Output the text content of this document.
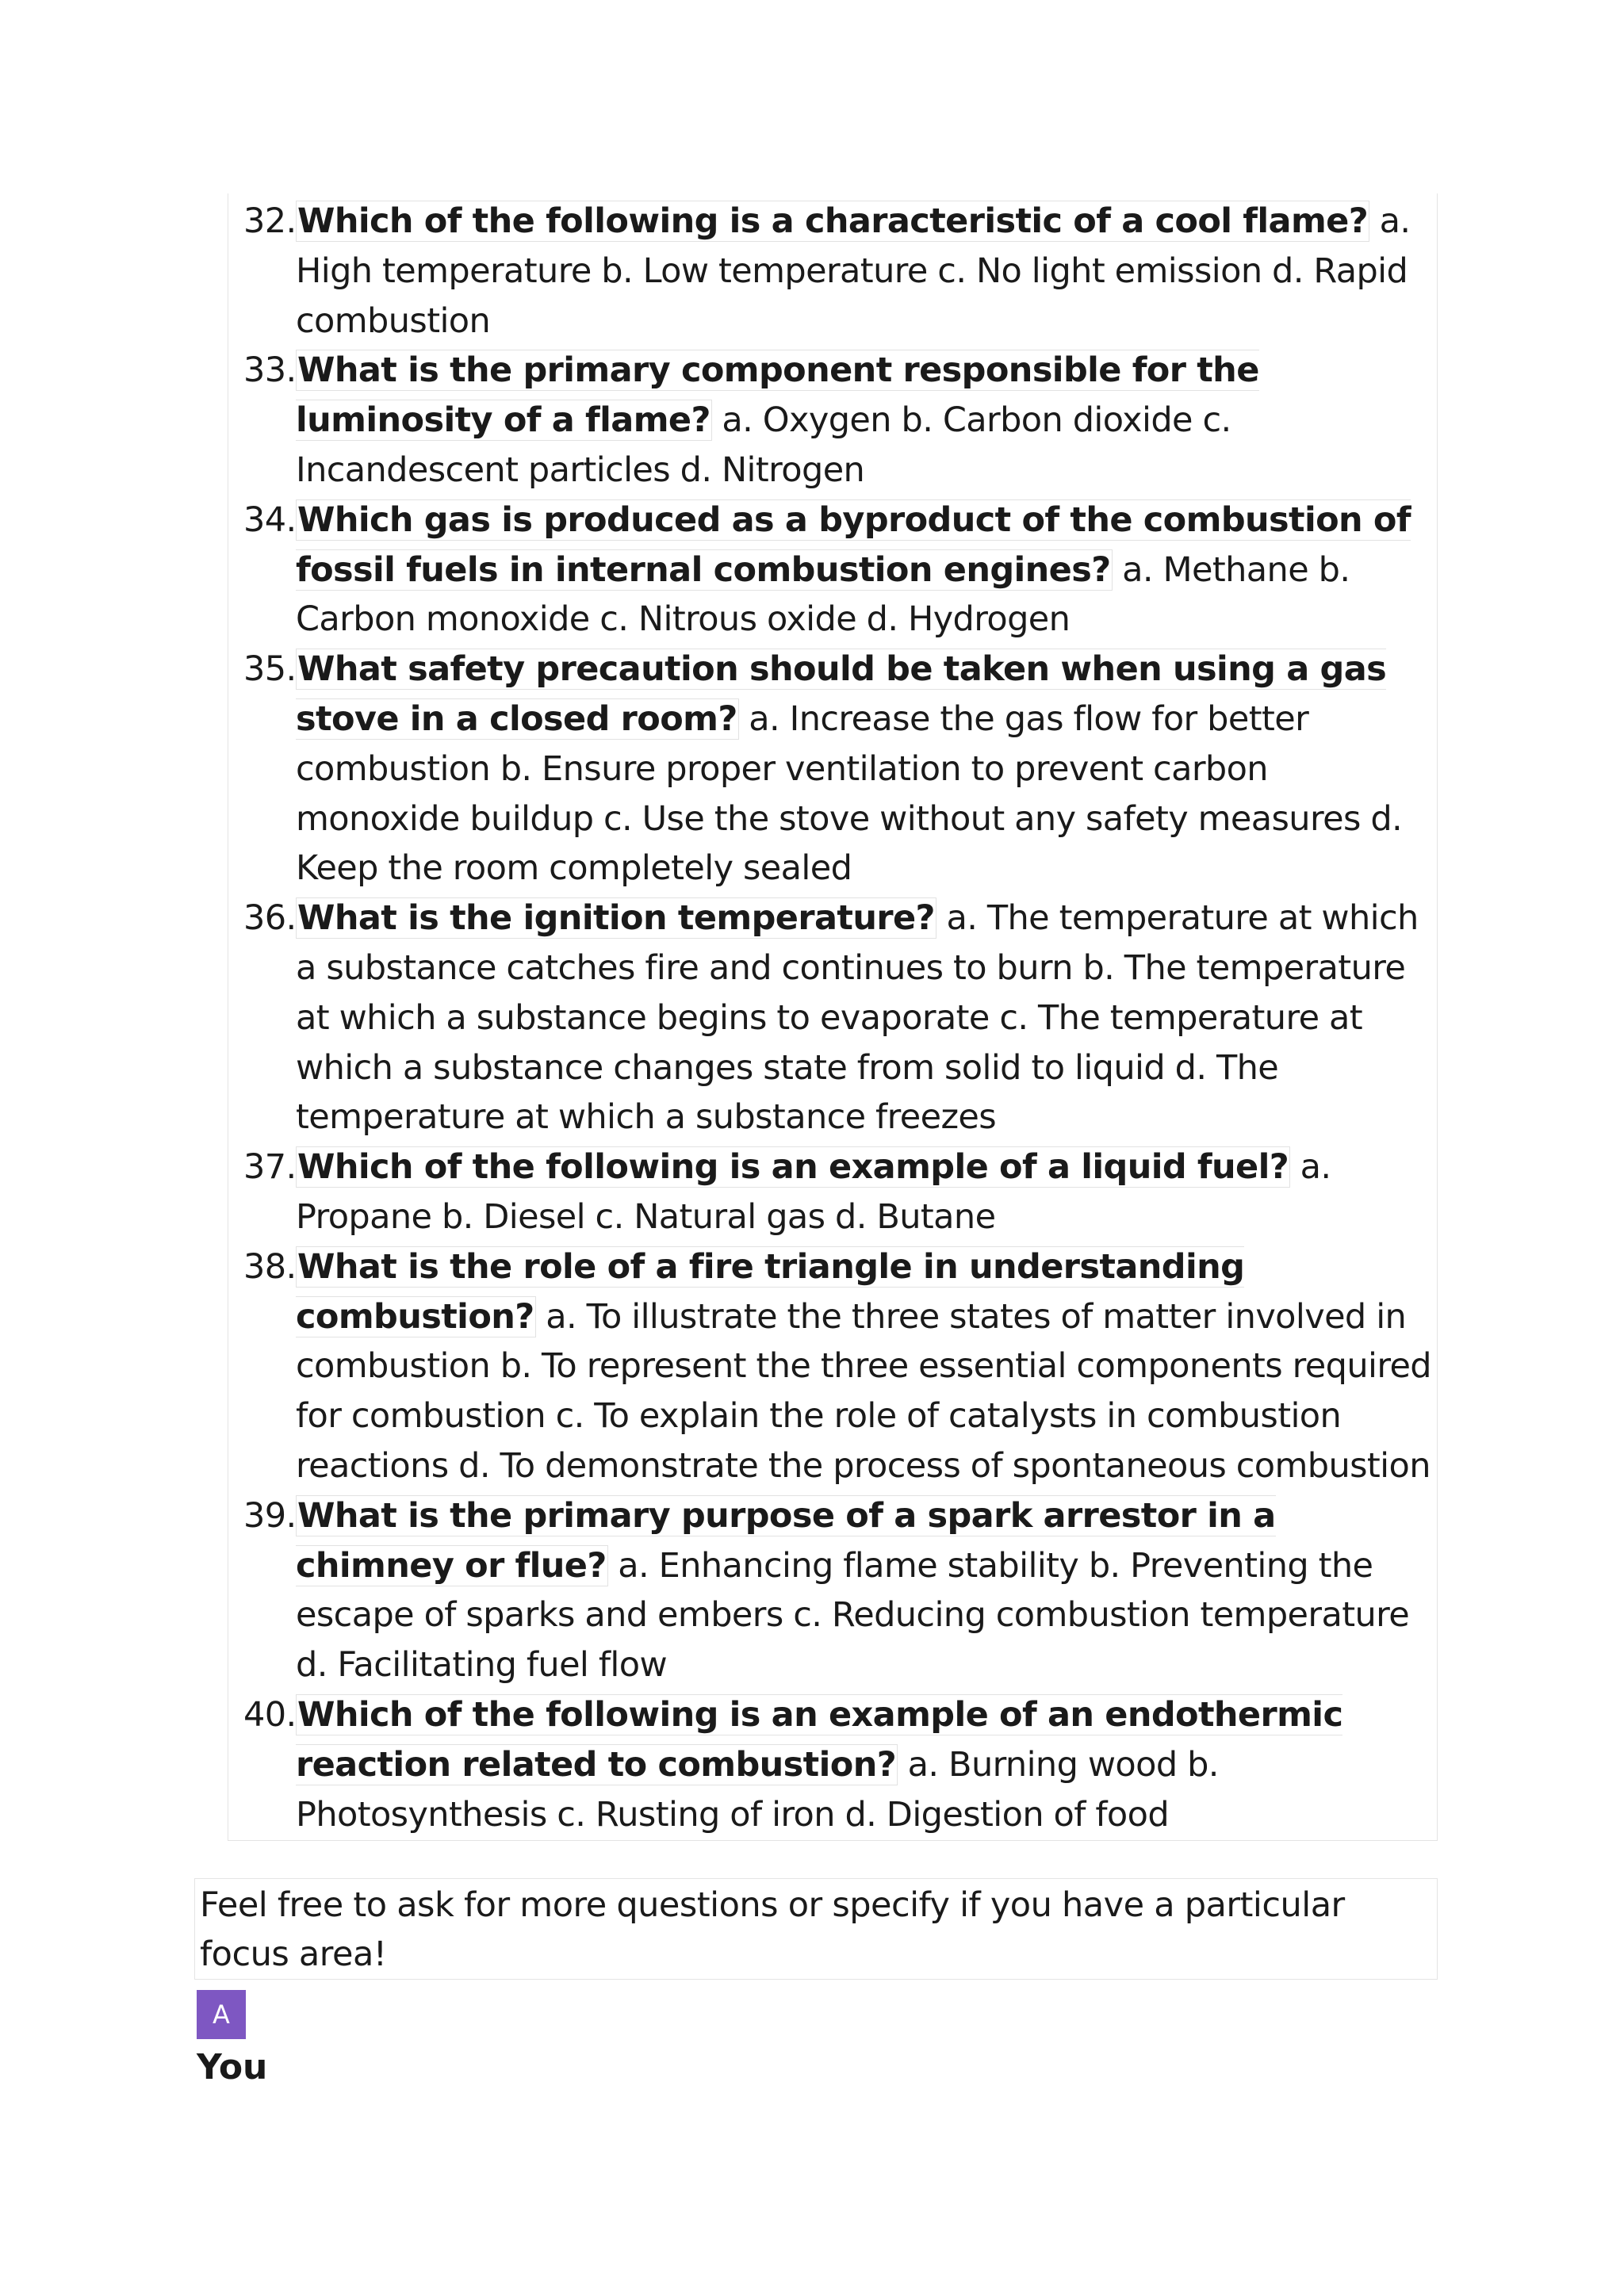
32. Which of the following is a characteristic of a cool flame? a. High temperature b. Low temperature c. No light emission d. Rapid combustion
33. What is the primary component responsible for the luminosity of a flame? a. Oxygen b. Carbon dioxide c. Incandescent particles d. Nitrogen
34. Which gas is produced as a byproduct of the combustion of fossil fuels in internal combustion engines? a. Methane b. Carbon monoxide c. Nitrous oxide d. Hydrogen
35. What safety precaution should be taken when using a gas stove in a closed room? a. Increase the gas flow for better combustion b. Ensure proper ventilation to prevent carbon monoxide buildup c. Use the stove without any safety measures d. Keep the room completely sealed
36. What is the ignition temperature? a. The temperature at which a substance catches fire and continues to burn b. The temperature at which a substance begins to evaporate c. The temperature at which a substance changes state from solid to liquid d. The temperature at which a substance freezes
37. Which of the following is an example of a liquid fuel? a. Propane b. Diesel c. Natural gas d. Butane
38. What is the role of a fire triangle in understanding combustion? a. To illustrate the three states of matter involved in combustion b. To represent the three essential components required for combustion c. To explain the role of catalysts in combustion reactions d. To demonstrate the process of spontaneous combustion
39. What is the primary purpose of a spark arrestor in a chimney or flue? a. Enhancing flame stability b. Preventing the escape of sparks and embers c. Reducing combustion temperature d. Facilitating fuel flow
40. Which of the following is an example of an endothermic reaction related to combustion? a. Burning wood b. Photosynthesis c. Rusting of iron d. Digestion of food
Feel free to ask for more questions or specify if you have a particular focus area!
A
You
